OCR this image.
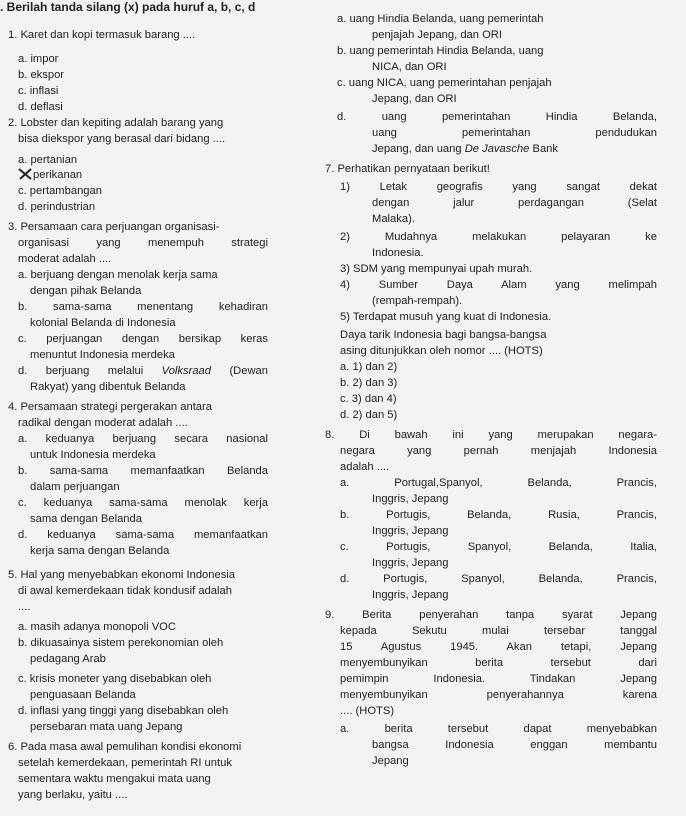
. Berilah tanda silang (x) pada huruf a, b, c, d
1. Karet dan kopi termasuk barang ....
a. impor
b. ekspor
c. inflasi
d. deflasi
2. Lobster dan kepiting adalah barang yang
bisa diekspor yang berasal dari bidang ....
a. pertanian
perikanan
c. pertambangan
d. perindustrian
3. Persamaan cara perjuangan organisasi-
organisasi yang menempuh strategi
moderat adalah ....
a. berjuang dengan menolak kerja sama
dengan pihak Belanda
b. sama-sama menentang kehadiran
kolonial Belanda di Indonesia
c. perjuangan dengan bersikap keras
menuntut Indonesia merdeka
d. berjuang melalui Volksraad (Dewan
Rakyat) yang dibentuk Belanda
4. Persamaan strategi pergerakan antara
radikal dengan moderat adalah ....
a. keduanya berjuang secara nasional
untuk Indonesia merdeka
b. sama-sama memanfaatkan Belanda
dalam perjuangan
c. keduanya sama-sama menolak kerja
sama dengan Belanda
d. keduanya sama-sama memanfaatkan
kerja sama dengan Belanda
5. Hal yang menyebabkan ekonomi Indonesia
di awal kemerdekaan tidak kondusif adalah
....
a. masih adanya monopoli VOC
b. dikuasainya sistem perekonomian oleh
pedagang Arab
c. krisis moneter yang disebabkan oleh
penguasaan Belanda
d. inflasi yang tinggi yang disebabkan oleh
persebaran mata uang Jepang
6. Pada masa awal pemulihan kondisi ekonomi
setelah kemerdekaan, pemerintah RI untuk
sementara waktu mengakui mata uang
yang berlaku, yaitu ....
a. uang Hindia Belanda, uang pemerintah
penjajah Jepang, dan ORI
b. uang pemerintah Hindia Belanda, uang
NICA, dan ORI
c. uang NICA, uang pemerintahan penjajah
Jepang, dan ORI
d. uang pemerintahan Hindia Belanda,
uang pemerintahan pendudukan
Jepang, dan uang De Javasche Bank
7. Perhatikan pernyataan berikut!
1) Letak geografis yang sangat dekat
dengan jalur perdagangan (Selat
Malaka).
2) Mudahnya melakukan pelayaran ke
Indonesia.
3) SDM yang mempunyai upah murah.
4) Sumber Daya Alam yang melimpah
(rempah-rempah).
5) Terdapat musuh yang kuat di Indonesia.
Daya tarik Indonesia bagi bangsa-bangsa
asing ditunjukkan oleh nomor .... (HOTS)
a. 1) dan 2)
b. 2) dan 3)
c. 3) dan 4)
d. 2) dan 5)
8. Di bawah ini yang merupakan negara-
negara yang pernah menjajah Indonesia
adalah ....
a. Portugal,Spanyol, Belanda, Prancis,
Inggris, Jepang
b. Portugis, Belanda, Rusia, Prancis,
Inggris, Jepang
c. Portugis, Spanyol, Belanda, Italia,
Inggris, Jepang
d. Portugis, Spanyol, Belanda, Prancis,
Inggris, Jepang
9. Berita penyerahan tanpa syarat Jepang
kepada Sekutu mulai tersebar tanggal
15 Agustus 1945. Akan tetapi, Jepang
menyembunyikan berita tersebut dari
pemimpin Indonesia. Tindakan Jepang
menyembunyikan penyerahannya karena
.... (HOTS)
a. berita tersebut dapat menyebabkan
bangsa Indonesia enggan membantu
Jepang
